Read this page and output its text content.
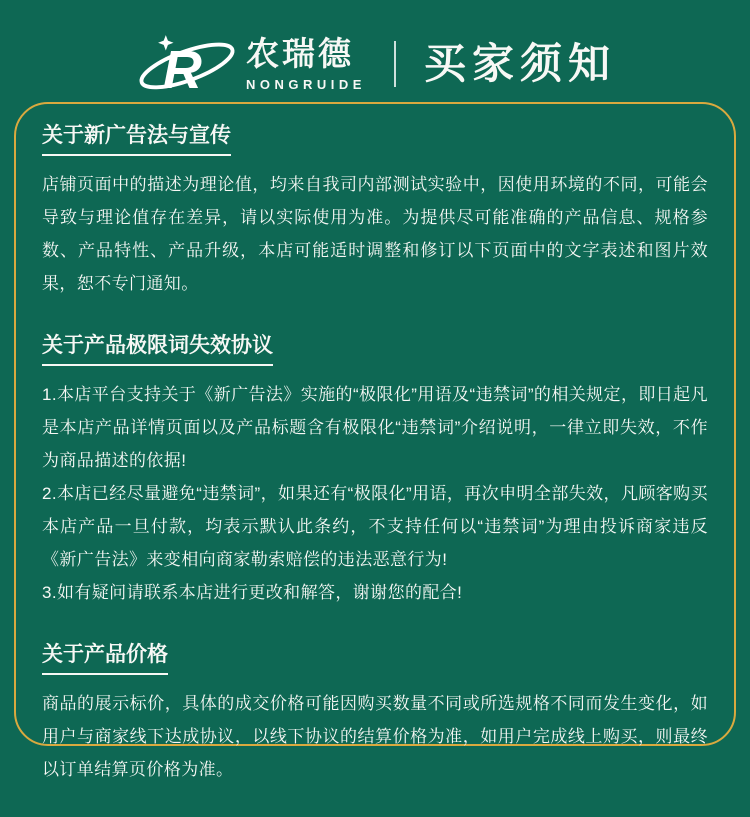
R 农瑞德
NONGRUIDE 买家须知
关于新广告法与宣传

店铺页面中的描述为理论值，均来自我司内部测试实验中，因使用环境的不同，可能会导致与理论值存在差异，请以实际使用为准。为提供尽可能准确的产品信息、规格参数、产品特性、产品升级，本店可能适时调整和修订以下页面中的文字表述和图片效果，恕不专门通知。

关于产品极限词失效协议

1.本店平台支持关于《新广告法》实施的“极限化”用语及“违禁词”的相关规定，即日起凡是本店产品详情页面以及产品标题含有极限化“违禁词”介绍说明，一律立即失效，不作为商品描述的依据!

2.本店已经尽量避免“违禁词”，如果还有“极限化”用语，再次申明全部失效，凡顾客购买本店产品一旦付款，均表示默认此条约，不支持任何以“违禁词”为理由投诉商家违反《新广告法》来变相向商家勒索赔偿的违法恶意行为!

3.如有疑问请联系本店进行更改和解答，谢谢您的配合!

关于产品价格

商品的展示标价，具体的成交价格可能因购买数量不同或所选规格不同而发生变化，如用户与商家线下达成协议，以线下协议的结算价格为准，如用户完成线上购买，则最终以订单结算页价格为准。
